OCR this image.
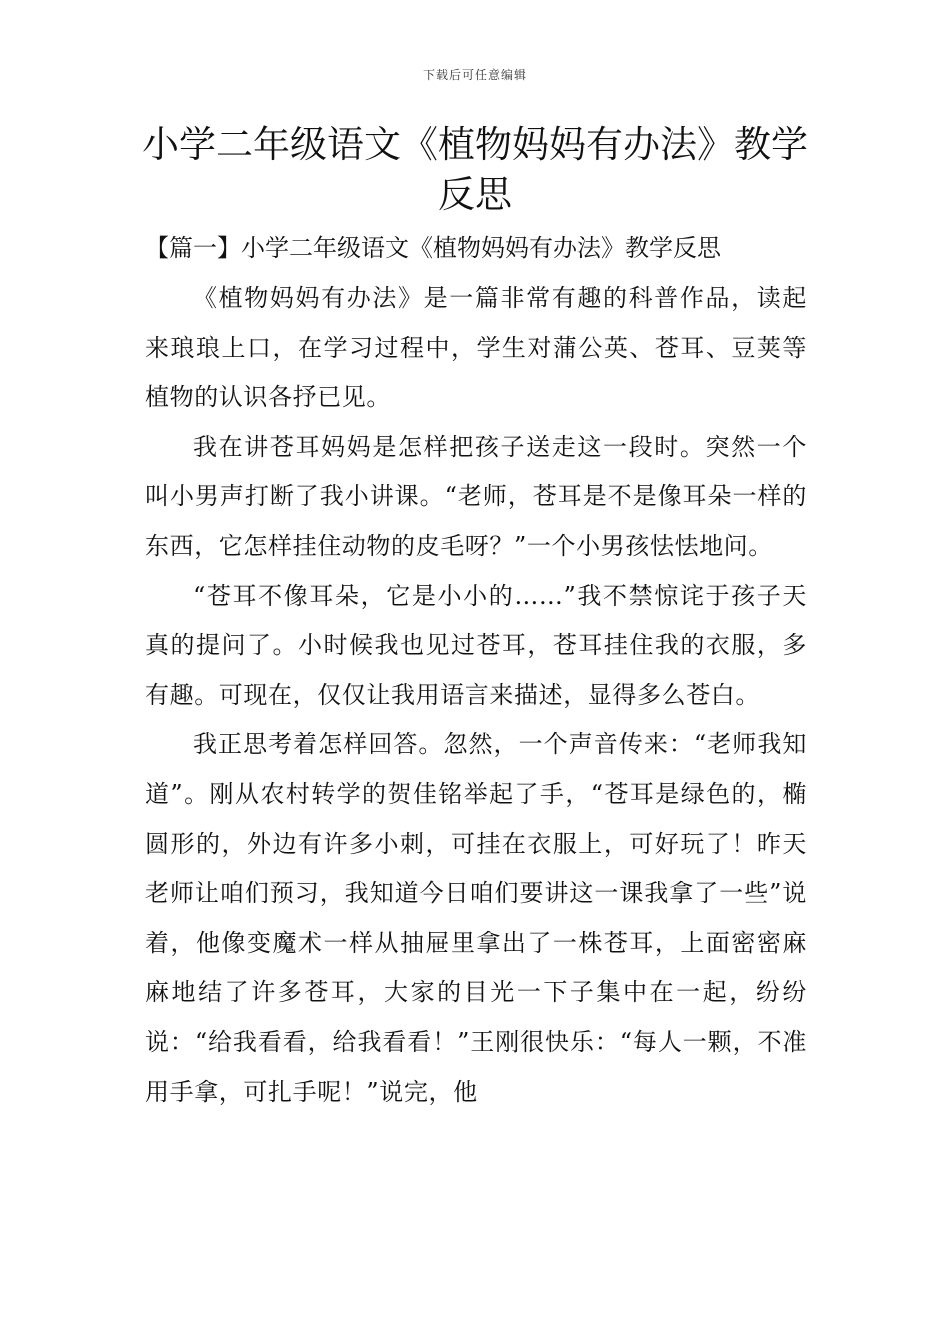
下载后可任意编辑
小学二年级语文《植物妈妈有办法》教学反思
【篇一】小学二年级语文《植物妈妈有办法》教学反思

《植物妈妈有办法》是一篇非常有趣的科普作品，读起来琅琅上口，在学习过程中，学生对蒲公英、苍耳、豆荚等植物的认识各抒已见。

我在讲苍耳妈妈是怎样把孩子送走这一段时。突然一个叫小男声打断了我小讲课。“老师，苍耳是不是像耳朵一样的东西，它怎样挂住动物的皮毛呀？”一个小男孩怯怯地问。

“苍耳不像耳朵，它是小小的……”我不禁惊诧于孩子天真的提问了。小时候我也见过苍耳，苍耳挂住我的衣服，多有趣。可现在，仅仅让我用语言来描述，显得多么苍白。

我正思考着怎样回答。忽然，一个声音传来：“老师我知道”。刚从农村转学的贺佳铭举起了手，“苍耳是绿色的，椭圆形的，外边有许多小刺，可挂在衣服上，可好玩了！昨天老师让咱们预习，我知道今日咱们要讲这一课我拿了一些”说着，他像变魔术一样从抽屉里拿出了一株苍耳，上面密密麻麻地结了许多苍耳，大家的目光一下子集中在一起，纷纷说：“给我看看，给我看看！”王刚很快乐：“每人一颗，不准用手拿，可扎手呢！”说完，他
